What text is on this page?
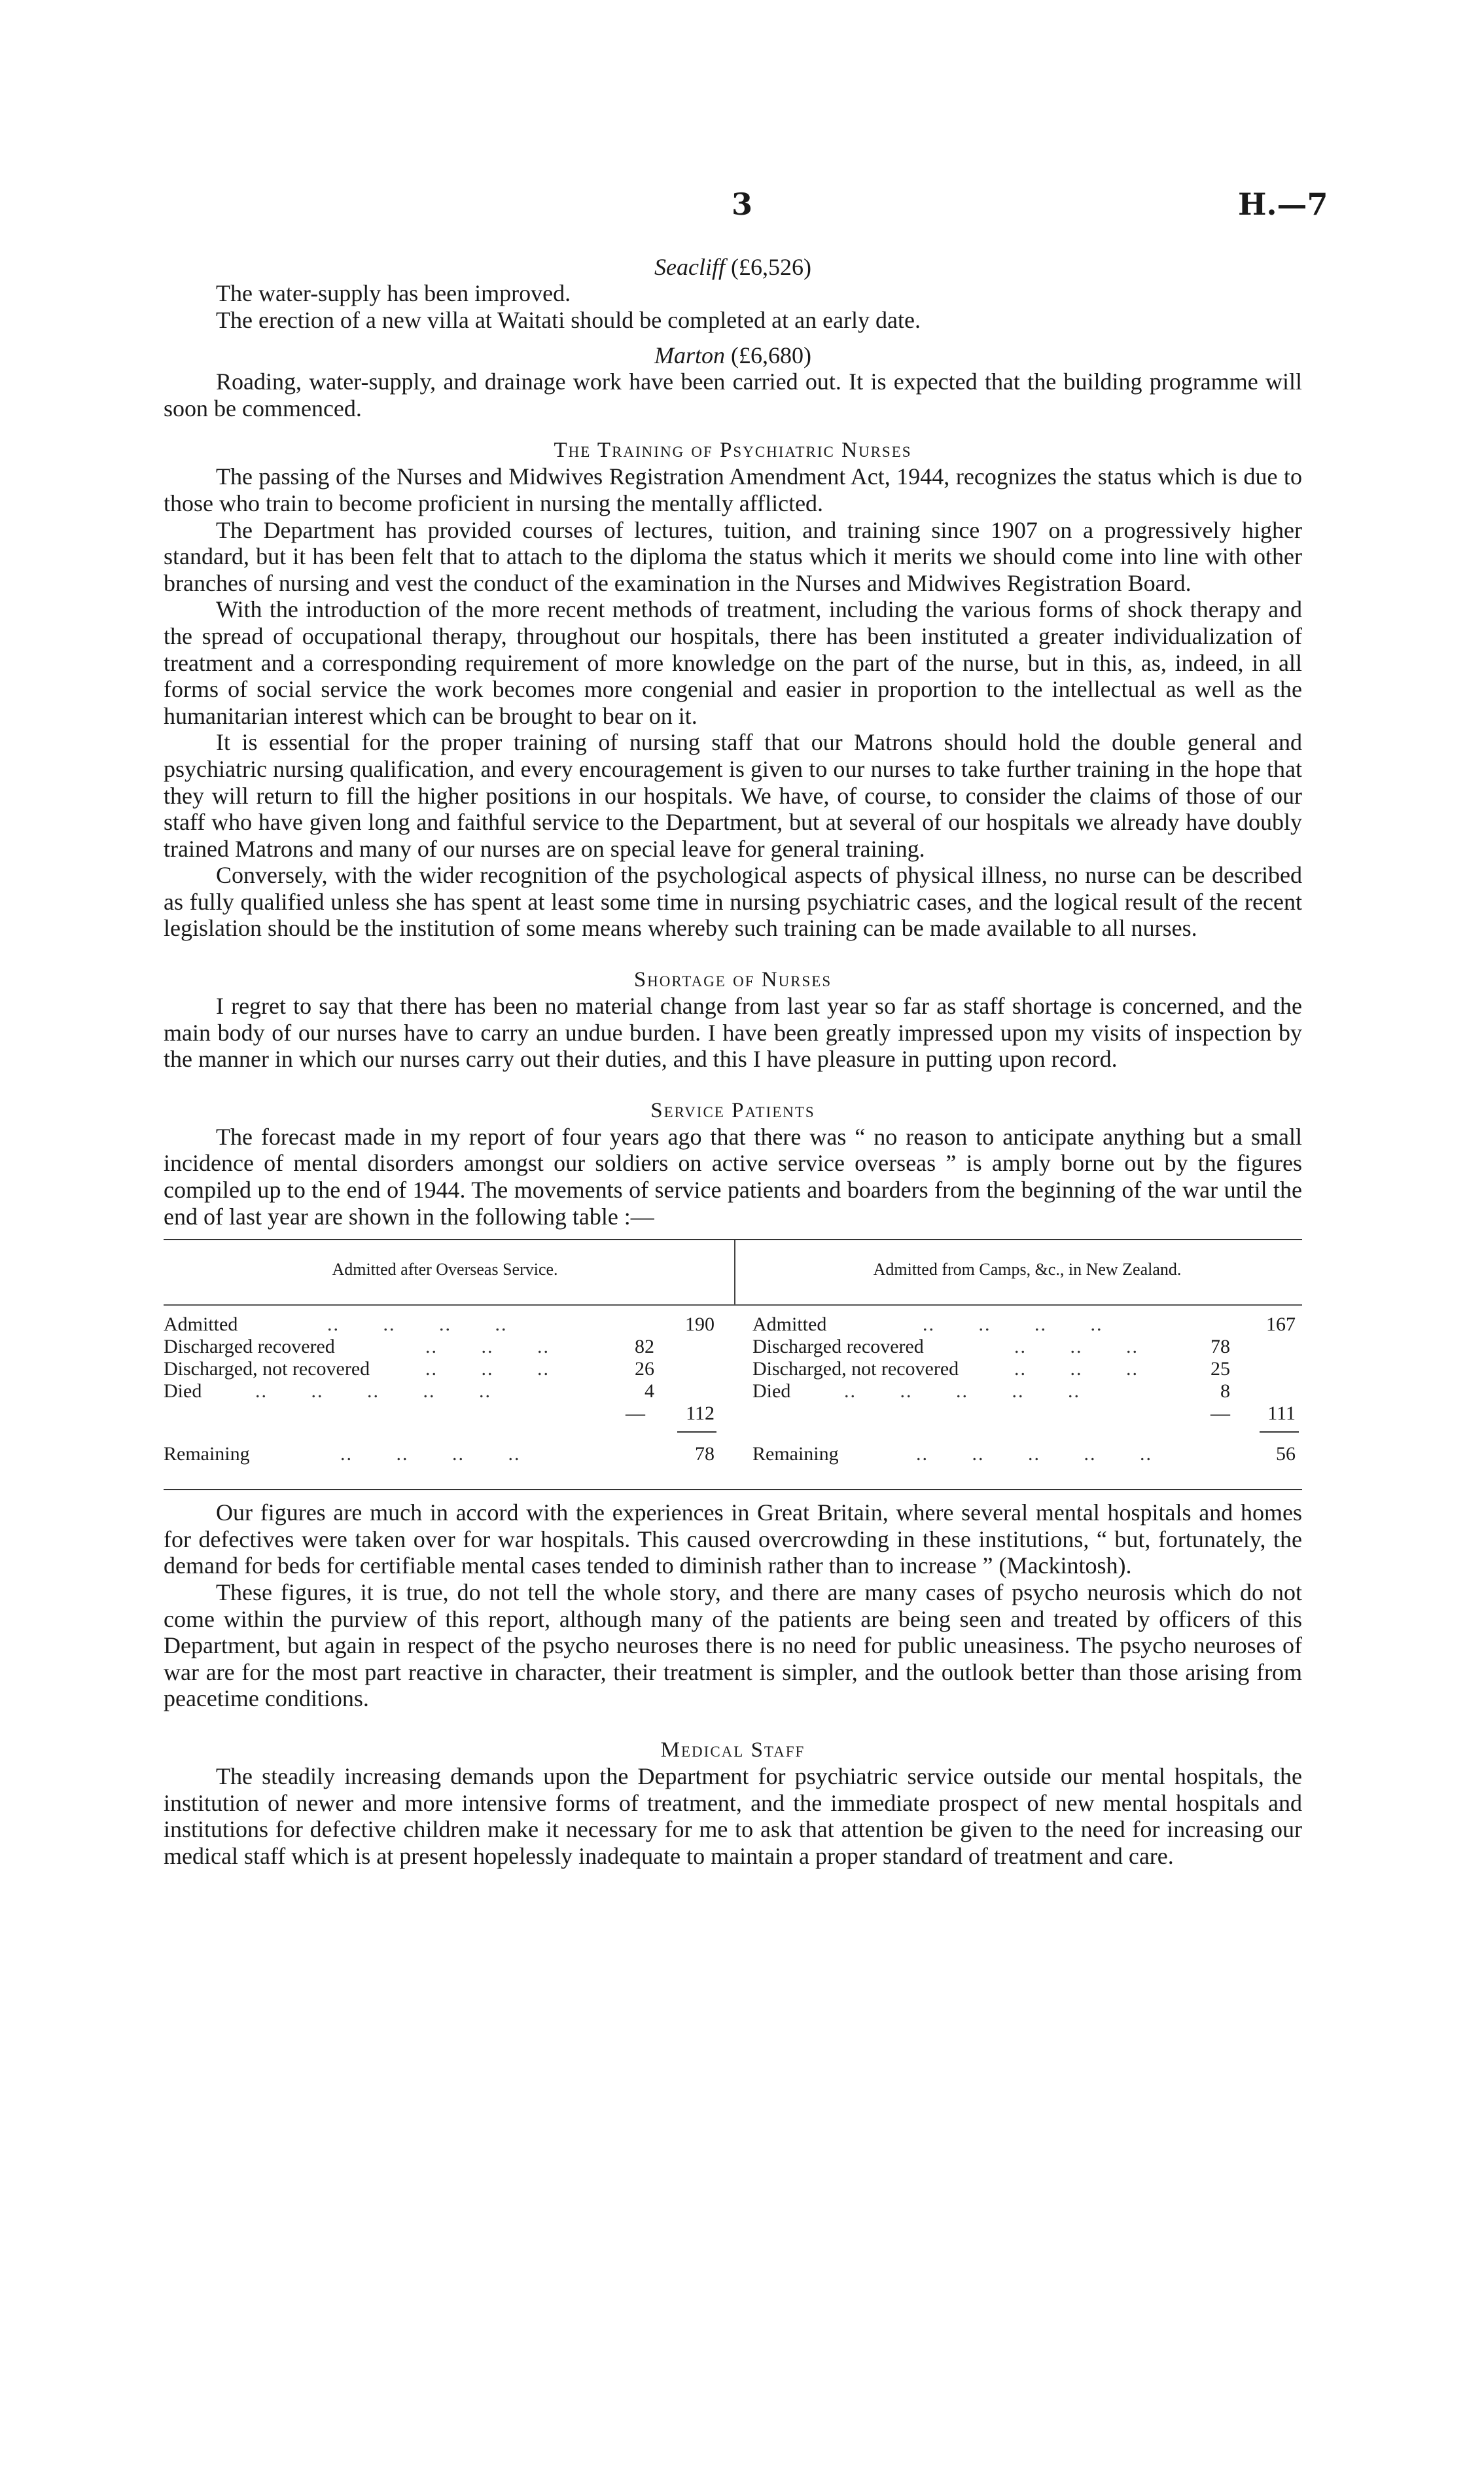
3	H.—7
Seacliff (£6,526)

The water-supply has been improved.

The erection of a new villa at Waitati should be completed at an early date.

Marton (£6,680)

Roading, water-supply, and drainage work have been carried out. It is expected that the building programme will soon be commenced.

The Training of Psychiatric Nurses

The passing of the Nurses and Midwives Registration Amendment Act, 1944, recognizes the status which is due to those who train to become proficient in nursing the mentally afflicted.

The Department has provided courses of lectures, tuition, and training since 1907 on a progressively higher standard, but it has been felt that to attach to the diploma the status which it merits we should come into line with other branches of nursing and vest the conduct of the examination in the Nurses and Midwives Registration Board.

With the introduction of the more recent methods of treatment, including the various forms of shock therapy and the spread of occupational therapy, throughout our hospitals, there has been instituted a greater individualization of treatment and a corresponding requirement of more knowledge on the part of the nurse, but in this, as, indeed, in all forms of social service the work becomes more congenial and easier in proportion to the intellectual as well as the humanitarian interest which can be brought to bear on it.

It is essential for the proper training of nursing staff that our Matrons should hold the double general and psychiatric nursing qualification, and every encouragement is given to our nurses to take further training in the hope that they will return to fill the higher positions in our hospitals. We have, of course, to consider the claims of those of our staff who have given long and faithful service to the Department, but at several of our hospitals we already have doubly trained Matrons and many of our nurses are on special leave for general training.

Conversely, with the wider recognition of the psychological aspects of physical illness, no nurse can be described as fully qualified unless she has spent at least some time in nursing psychiatric cases, and the logical result of the recent legislation should be the institution of some means whereby such training can be made available to all nurses.

Shortage of Nurses

I regret to say that there has been no material change from last year so far as staff shortage is concerned, and the main body of our nurses have to carry an undue burden. I have been greatly impressed upon my visits of inspection by the manner in which our nurses carry out their duties, and this I have pleasure in putting upon record.

Service Patients

The forecast made in my report of four years ago that there was “ no reason to anticipate anything but a small incidence of mental disorders amongst our soldiers on active service overseas ” is amply borne out by the figures compiled up to the end of 1944. The movements of service patients and boarders from the beginning of the war until the end of last year are shown in the following table :—

Admitted after Overseas Service.
Admitted	..       ..       ..       ..	190
Discharged recovered	..       ..       ..	82
Discharged, not recovered	..       ..       ..	26
Died	..       ..       ..       ..       ..	4
—	112
Remaining	..       ..       ..       ..	78
Admitted from Camps, &c., in New Zealand.
Admitted	..       ..       ..       ..	167
Discharged recovered	..       ..       ..	78
Discharged, not recovered	..       ..       ..	25
Died	..       ..       ..       ..       ..	8
—	111
Remaining	..       ..       ..       ..       ..	56

Our figures are much in accord with the experiences in Great Britain, where several mental hospitals and homes for defectives were taken over for war hospitals. This caused overcrowding in these institutions, “ but, fortunately, the demand for beds for certifiable mental cases tended to diminish rather than to increase ” (Mackintosh).

These figures, it is true, do not tell the whole story, and there are many cases of psycho neurosis which do not come within the purview of this report, although many of the patients are being seen and treated by officers of this Department, but again in respect of the psycho neuroses there is no need for public uneasiness. The psycho neuroses of war are for the most part reactive in character, their treatment is simpler, and the outlook better than those arising from peacetime conditions.

Medical Staff

The steadily increasing demands upon the Department for psychiatric service outside our mental hospitals, the institution of newer and more intensive forms of treatment, and the immediate prospect of new mental hospitals and institutions for defective children make it necessary for me to ask that attention be given to the need for increasing our medical staff which is at present hopelessly inadequate to maintain a proper standard of treatment and care.
